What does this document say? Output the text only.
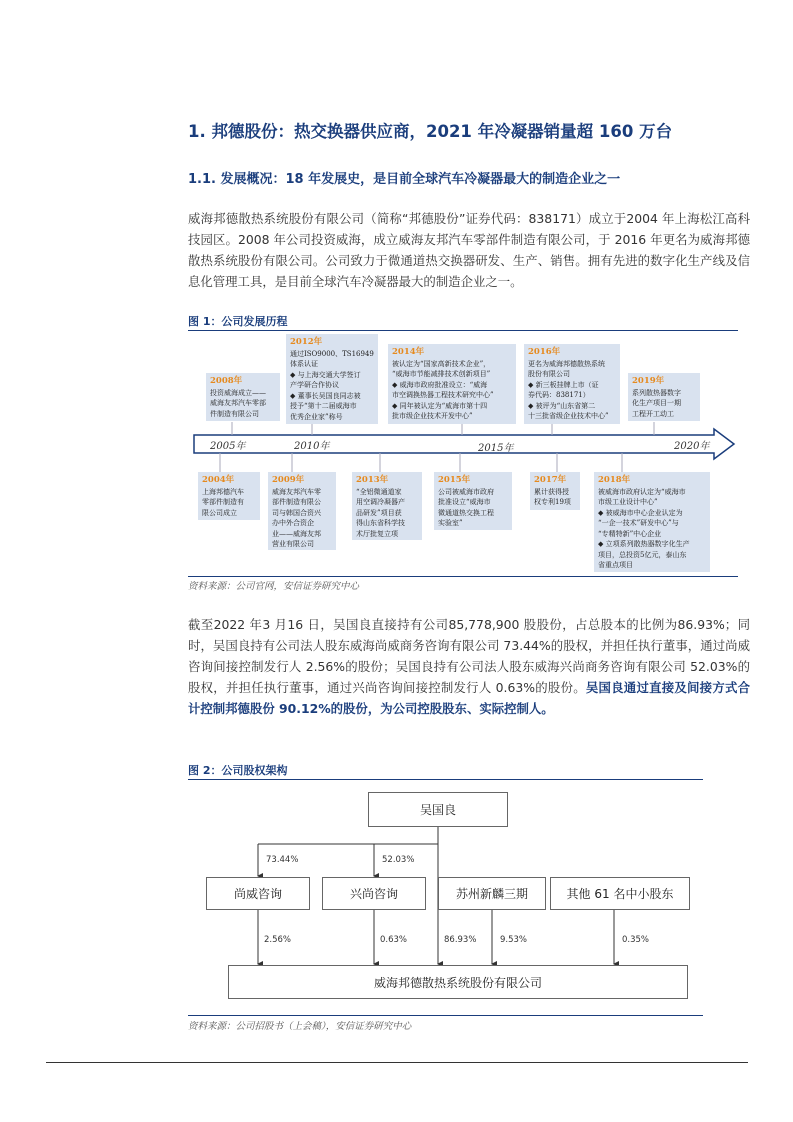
1. 邦德股份：热交换器供应商，2021 年冷凝器销量超 160 万台
1.1. 发展概况：18 年发展史，是目前全球汽车冷凝器最大的制造企业之一
威海邦德散热系统股份有限公司（简称“邦德股份”证券代码：838171）成立于2004 年上海松江高科技园区。2008 年公司投资威海，成立威海友邦汽车零部件制造有限公司，于 2016 年更名为威海邦德散热系统股份有限公司。公司致力于微通道热交换器研发、生产、销售。拥有先进的数字化生产线及信息化管理工具，是目前全球汽车冷凝器最大的制造企业之一。
图 1：公司发展历程
2005年	2010年	2015年	2020年
2008年
投资威海成立——
威海友邦汽车零部
件制造有限公司
2012年
通过ISO9000、TS16949
体系认证
◆ 与上海交通大学签订
产学研合作协议
◆ 董事长吴国良同志被
授予“第十二届威海市
优秀企业家”称号
2014年
被认定为“国家高新技术企业”，
“威海市节能减排技术创新项目”
◆ 威海市政府批准设立：“威海
市空调换热器工程技术研究中心”
◆ 同年被认定为“威海市第十四
批市级企业技术开发中心”
2016年
更名为威海邦德散热系统
股份有限公司
◆ 新三板挂牌上市（证
券代码：838171）
◆ 被评为“山东省第二
十三批省级企业技术中心”
2019年
系列散热器数字
化生产项目一期
工程开工动工
2004年
上海邦德汽车
零部件制造有
限公司成立
2009年
威海友邦汽车零
部件制造有限公
司与韩国合资兴
办中外合资企
业——威海友邦
营业有限公司
2013年
“全铝微通道家
用空调冷凝器产
品研发”项目获
得山东省科学技
术厅批复立项
2015年
公司被威海市政府
批准设立“威海市
微通道热交换工程
实验室”
2017年
累计获得授
权专利19项
2018年
被威海市政府认定为“威海市
市级工业设计中心”
◆ 被威海市中心企业认定为
“一企一技术”研发中心”与
“专精特新”中心企业
◆ 立项系列散热器数字化生产
项目，总投资5亿元，泰山东
省重点项目
资料来源：公司官网，安信证券研究中心
截至2022 年3 月16 日，吴国良直接持有公司85,778,900 股股份，占总股本的比例为86.93%；同时，吴国良持有公司法人股东威海尚威商务咨询有限公司 73.44%的股权，并担任执行董事，通过尚威咨询间接控制发行人 2.56%的股份；吴国良持有公司法人股东威海兴尚商务咨询有限公司 52.03%的股权，并担任执行董事，通过兴尚咨询间接控制发行人 0.63%的股份。吴国良通过直接及间接方式合计控制邦德股份 90.12%的股份，为公司控股股东、实际控制人。
图 2：公司股权架构
吴国良
尚威咨询	兴尚咨询	苏州新麟三期	其他 61 名中小股东
威海邦德散热系统股份有限公司
73.44%	52.03%
2.56%	0.63%	86.93%	9.53%	0.35%
资料来源：公司招股书（上会稿），安信证券研究中心
